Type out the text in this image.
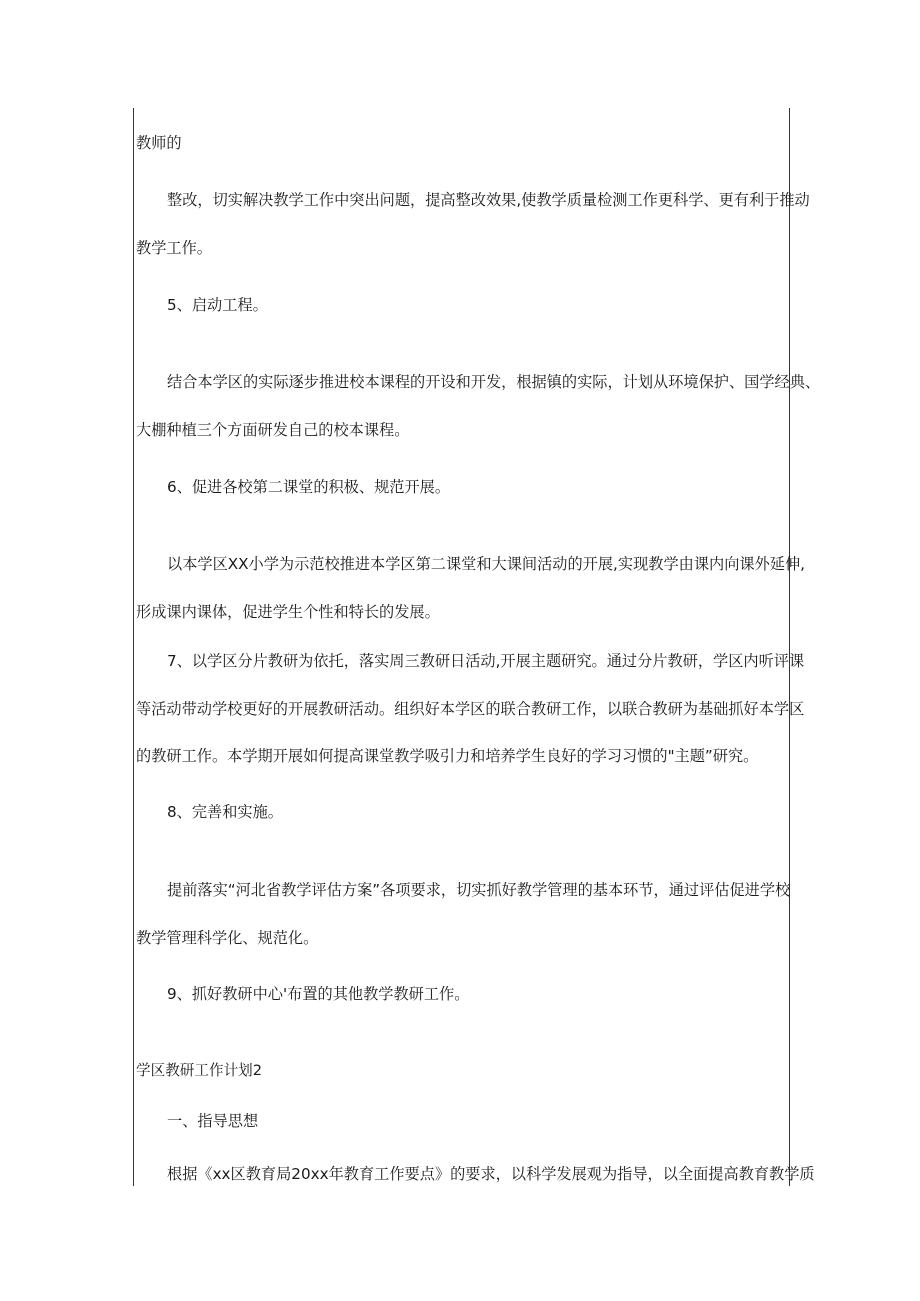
教师的
整改，切实解决教学工作中突出问题，提高整改效果,使教学质量检测工作更科学、更有利于推动
教学工作。
5、启动工程。
结合本学区的实际逐步推进校本课程的开设和开发，根据镇的实际，计划从环境保护、国学经典、
大棚种植三个方面研发自己的校本课程。
6、促进各校第二课堂的积极、规范开展。
以本学区XX小学为示范校推进本学区第二课堂和大课间活动的开展,实现教学由课内向课外延伸,
形成课内课体，促进学生个性和特长的发展。
7、以学区分片教研为依托，落实周三教研日活动,开展主题研究。通过分片教研，学区内听评课
等活动带动学校更好的开展教研活动。组织好本学区的联合教研工作，以联合教研为基础抓好本学区
的教研工作。本学期开展如何提高课堂教学吸引力和培养学生良好的学习习惯的"主题”研究。
8、完善和实施。
提前落实“河北省教学评估方案”各项要求，切实抓好教学管理的基本环节，通过评估促进学校
教学管理科学化、规范化。
9、抓好教研中心'布置的其他教学教研工作。
学区教研工作计划2
一、指导思想
根据《xx区教育局20xx年教育工作要点》的要求，以科学发展观为指导，以全面提高教育教学质
